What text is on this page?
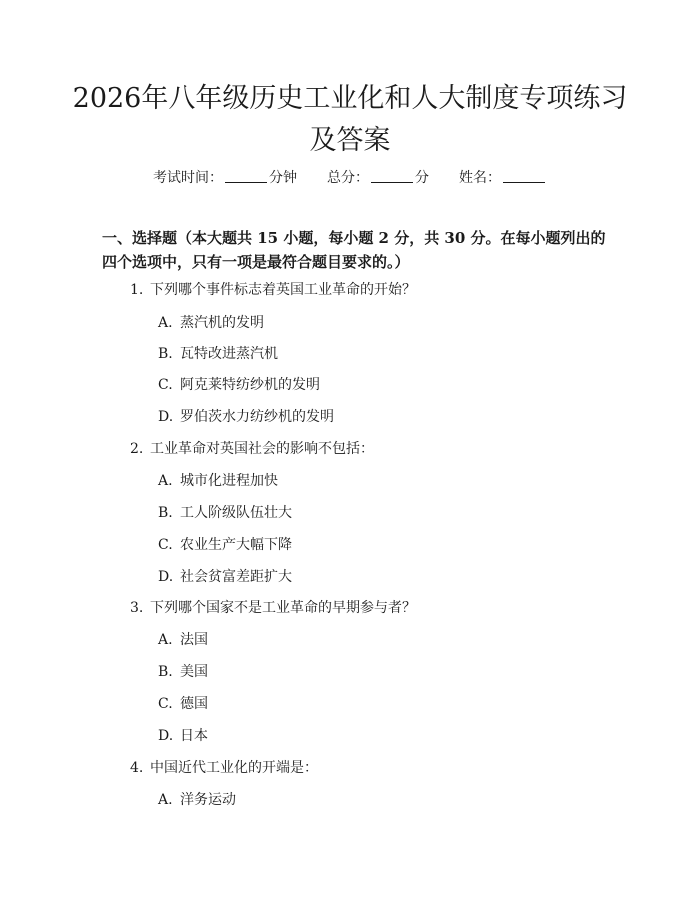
2026年八年级历史工业化和人大制度专项练习及答案
考试时间：	分钟 总分：	分 姓名：

一、选择题（本大题共 15 小题，每小题 2 分，共 30 分。在每小题列出的四个选项中，只有一项是最符合题目要求的。）

1. 下列哪个事件标志着英国工业革命的开始？
A. 蒸汽机的发明
B. 瓦特改进蒸汽机
C. 阿克莱特纺纱机的发明
D. 罗伯茨水力纺纱机的发明
2. 工业革命对英国社会的影响不包括：
A. 城市化进程加快
B. 工人阶级队伍壮大
C. 农业生产大幅下降
D. 社会贫富差距扩大
3. 下列哪个国家不是工业革命的早期参与者？
A. 法国
B. 美国
C. 德国
D. 日本
4. 中国近代工业化的开端是：
A. 洋务运动
